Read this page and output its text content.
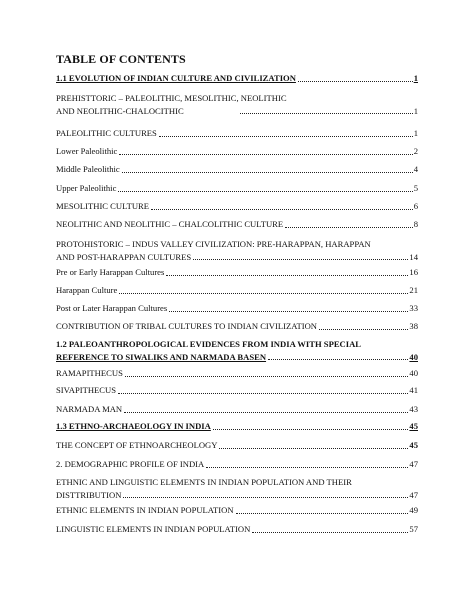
TABLE OF CONTENTS
1.1 EVOLUTION OF INDIAN CULTURE AND CIVILIZATION	1
PREHISTTORIC – PALEOLITHIC, MESOLITHIC, NEOLITHIC
AND NEOLITHIC-CHALOCITHIC	1
PALEOLITHIC CULTURES	1
Lower Paleolithic	2
Middle Paleolithic	4
Upper Paleolithic	5
MESOLITHIC CULTURE	6
NEOLITHIC AND NEOLITHIC – CHALCOLITHIC CULTURE	8
PROTOHISTORIC – INDUS VALLEY CIVILIZATION: PRE-HARAPPAN, HARAPPAN
AND POST-HARAPPAN CULTURES	14
Pre or Early Harappan Cultures	16
Harappan Culture	21
Post or Later Harappan Cultures	33
CONTRIBUTION OF TRIBAL CULTURES TO INDIAN CIVILIZATION	38
1.2 PALEOANTHROPOLOGICAL EVIDENCES FROM INDIA WITH SPECIAL
REFERENCE TO SIWALIKS AND NARMADA BASEN	40
RAMAPITHECUS	40
SIVAPITHECUS	41
NARMADA MAN	43
1.3 ETHNO-ARCHAEOLOGY IN INDIA	45
THE CONCEPT OF ETHNOARCHEOLOGY	45
2. DEMOGRAPHIC PROFILE OF INDIA	47
ETHNIC AND LINGUISTIC ELEMENTS IN INDIAN POPULATION AND THEIR
DISTTRIBUTION	47
ETHNIC ELEMENTS IN INDIAN POPULATION	49
LINGUISTIC ELEMENTS IN INDIAN POPULATION	57
